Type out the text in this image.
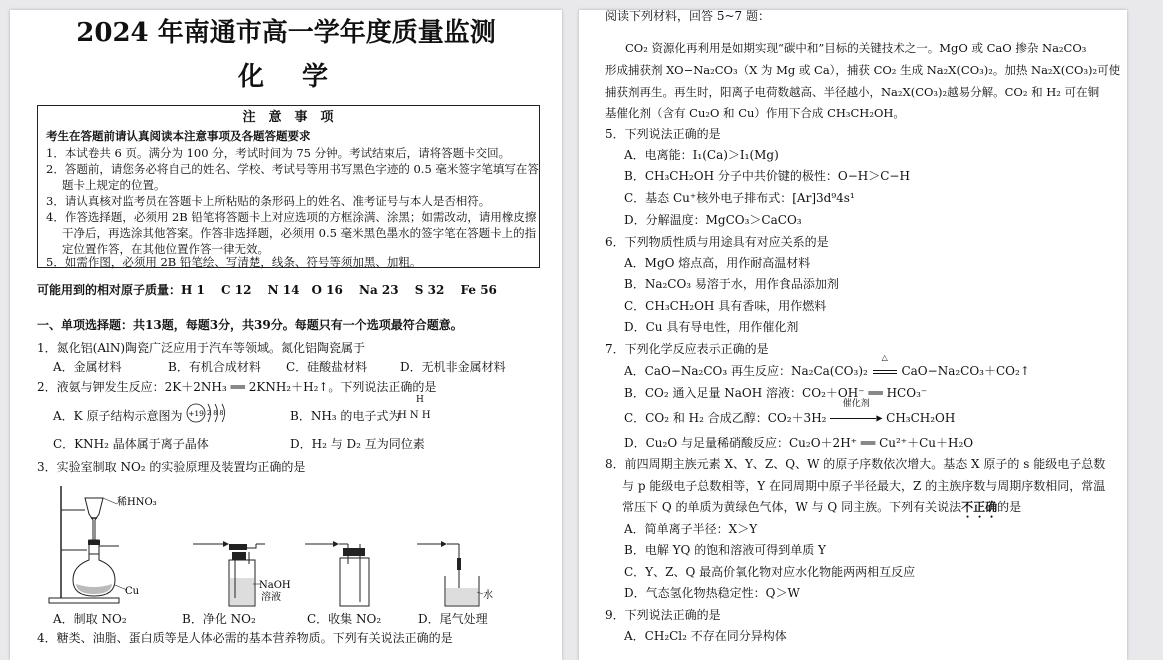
2024 年南通市高一学年度质量监测
化　学
注　意　事　项
考生在答题前请认真阅读本注意事项及各题答题要求
1．本试卷共 6 页。满分为 100 分，考试时间为 75 分钟。考试结束后，请将答题卡交回。
2．答题前，请您务必将自己的姓名、学校、考试号等用书写黑色字迹的 0.5 毫米签字笔填写在答
题卡上规定的位置。
3．请认真核对监考员在答题卡上所粘贴的条形码上的姓名、准考证号与本人是否相符。
4．作答选择题，必须用 2B 铅笔将答题卡上对应选项的方框涂满、涂黑；如需改动，请用橡皮擦
干净后，再选涂其他答案。作答非选择题，必须用 0.5 毫米黑色墨水的签字笔在答题卡上的指
定位置作答，在其他位置作答一律无效。
5．如需作图，必须用 2B 铅笔绘、写清楚，线条、符号等须加黑、加粗。
可能用到的相对原子质量：H 1　 C 12　 N 14　O 16　 Na 23　 S 32　 Fe 56
一、单项选择题：共13题，每题3分，共39分。每题只有一个选项最符合题意。
1．氮化铝(AlN)陶瓷广泛应用于汽车等领域。氮化铝陶瓷属于
A．金属材料	B．有机合成材料 C．硅酸盐材料	D．无机非金属材料
2．液氨与钾发生反应：2K＋2NH₃ ══ 2KNH₂＋H₂↑。下列说法正确的是
A．K 原子结构示意图为 +19 2 8 8	B．NH₃ 的电子式为
H
H N H
C．KNH₂ 晶体属于离子晶体	D．H₂ 与 D₂ 互为同位素
3．实验室制取 NO₂ 的实验原理及装置均正确的是
稀HNO₃
Cu
NaOH
溶液	水
A．制取 NO₂	B．净化 NO₂	C．收集 NO₂	D．尾气处理
4．糖类、油脂、蛋白质等是人体必需的基本营养物质。下列有关说法正确的是
阅读下列材料，回答 5~7 题：
CO₂ 资源化再利用是如期实现“碳中和”目标的关键技术之一。MgO 或 CaO 掺杂 Na₂CO₃
形成捕获剂 XO−Na₂CO₃（X 为 Mg 或 Ca），捕获 CO₂ 生成 Na₂X(CO₃)₂。加热 Na₂X(CO₃)₂可使
捕获剂再生。再生时，阳离子电荷数越高、半径越小，Na₂X(CO₃)₂越易分解。CO₂ 和 H₂ 可在铜
基催化剂（含有 Cu₂O 和 Cu）作用下合成 CH₃CH₂OH。
5．下列说法正确的是
A．电离能：I₁(Ca)＞I₁(Mg)
B．CH₃CH₂OH 分子中共价键的极性：O−H＞C−H
C．基态 Cu⁺核外电子排布式：[Ar]3d⁹4s¹
D．分解温度：MgCO₃＞CaCO₃
6．下列物质性质与用途具有对应关系的是
A．MgO 熔点高，用作耐高温材料
B．Na₂CO₃ 易溶于水，用作食品添加剂
C．CH₃CH₂OH 具有香味，用作燃料
D．Cu 具有导电性，用作催化剂
7．下列化学反应表示正确的是
A．CaO−Na₂CO₃ 再生反应：Na₂Ca(CO₃)₂
△
CaO−Na₂CO₃＋CO₂↑
B．CO₂ 通入足量 NaOH 溶液：CO₂＋OH⁻ ══ HCO₃⁻
C．CO₂ 和 H₂ 合成乙醇：CO₂＋3H₂
催化剂
▶ CH₃CH₂OH
D．Cu₂O 与足量稀硝酸反应：Cu₂O＋2H⁺ ══ Cu²⁺＋Cu＋H₂O
8．前四周期主族元素 X、Y、Z、Q、W 的原子序数依次增大。基态 X 原子的 s 能级电子总数
与 p 能级电子总数相等，Y 在同周期中原子半径最大，Z 的主族序数与周期序数相同，常温
常压下 Q 的单质为黄绿色气体，W 与 Q 同主族。下列有关说法不正确的是
A．简单离子半径：X＞Y
B．电解 YQ 的饱和溶液可得到单质 Y
C．Y、Z、Q 最高价氧化物对应水化物能两两相互反应
D．气态氢化物热稳定性：Q＞W
9．下列说法正确的是
A．CH₂Cl₂ 不存在同分异构体
